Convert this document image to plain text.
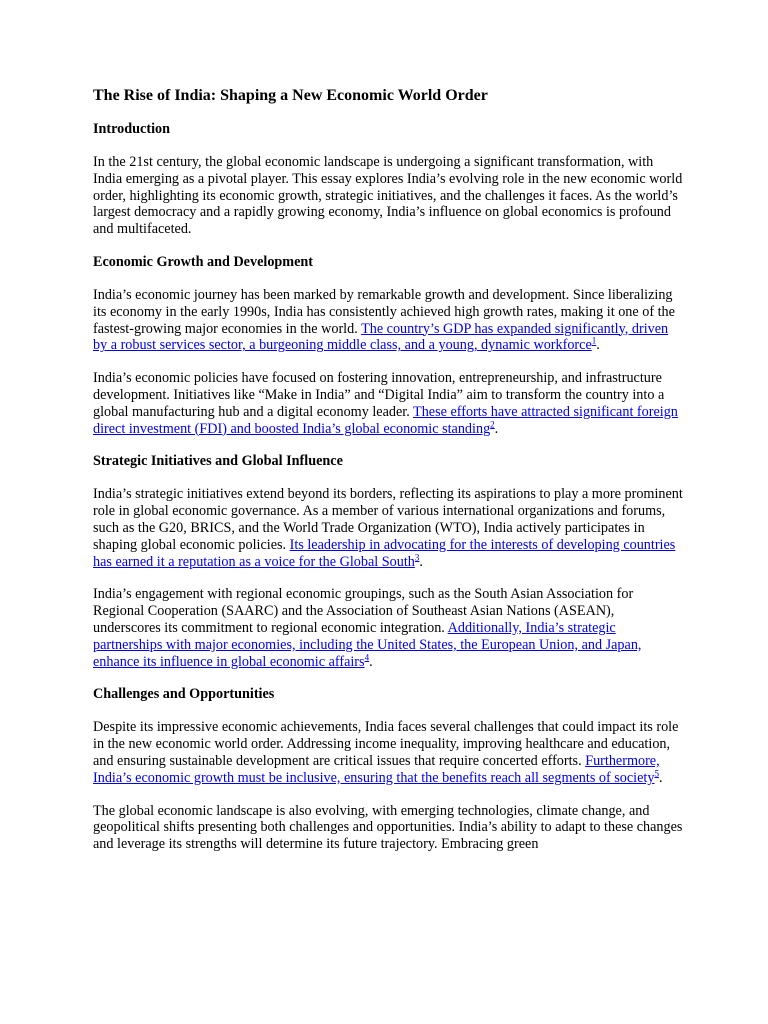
The Rise of India: Shaping a New Economic World Order
Introduction

In the 21st century, the global economic landscape is undergoing a significant transformation, with India emerging as a pivotal player. This essay explores India’s evolving role in the new economic world order, highlighting its economic growth, strategic initiatives, and the challenges it faces. As the world’s largest democracy and a rapidly growing economy, India’s influence on global economics is profound and multifaceted.

Economic Growth and Development

India’s economic journey has been marked by remarkable growth and development. Since liberalizing its economy in the early 1990s, India has consistently achieved high growth rates, making it one of the fastest-growing major economies in the world. The country’s GDP has expanded significantly, driven by a robust services sector, a burgeoning middle class, and a young, dynamic workforce$^1$.

India’s economic policies have focused on fostering innovation, entrepreneurship, and infrastructure development. Initiatives like “Make in India” and “Digital India” aim to transform the country into a global manufacturing hub and a digital economy leader. These efforts have attracted significant foreign direct investment (FDI) and boosted India’s global economic standing$^2$.

Strategic Initiatives and Global Influence

India’s strategic initiatives extend beyond its borders, reflecting its aspirations to play a more prominent role in global economic governance. As a member of various international organizations and forums, such as the G20, BRICS, and the World Trade Organization (WTO), India actively participates in shaping global economic policies. Its leadership in advocating for the interests of developing countries has earned it a reputation as a voice for the Global South$^3$.

India’s engagement with regional economic groupings, such as the South Asian Association for Regional Cooperation (SAARC) and the Association of Southeast Asian Nations (ASEAN), underscores its commitment to regional economic integration. Additionally, India’s strategic partnerships with major economies, including the United States, the European Union, and Japan, enhance its influence in global economic affairs$^4$.

Challenges and Opportunities

Despite its impressive economic achievements, India faces several challenges that could impact its role in the new economic world order. Addressing income inequality, improving healthcare and education, and ensuring sustainable development are critical issues that require concerted efforts. Furthermore, India’s economic growth must be inclusive, ensuring that the benefits reach all segments of society$^5$.

The global economic landscape is also evolving, with emerging technologies, climate change, and geopolitical shifts presenting both challenges and opportunities. India’s ability to adapt to these changes and leverage its strengths will determine its future trajectory. Embracing green
